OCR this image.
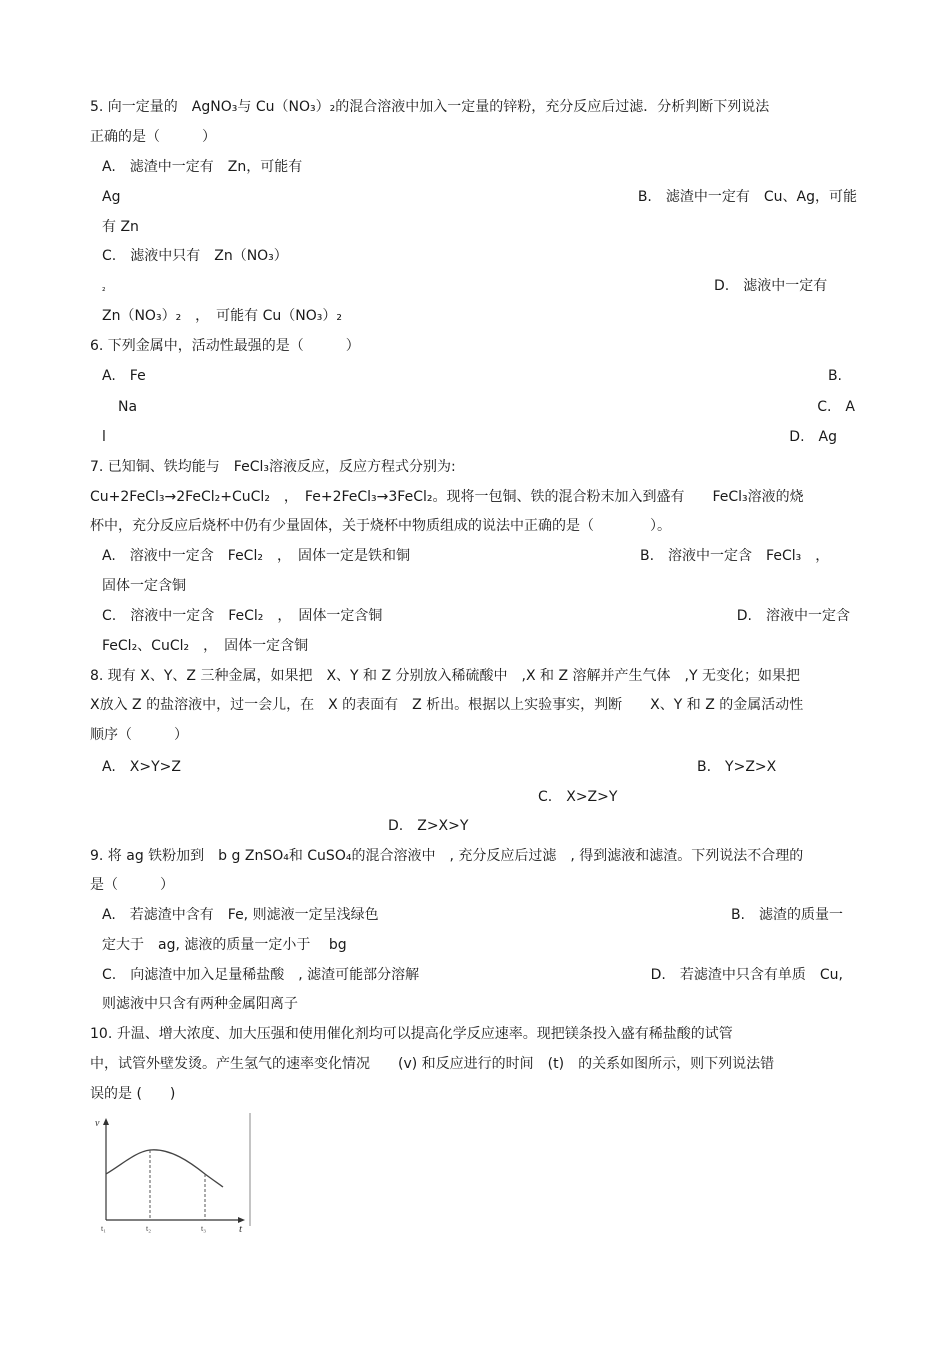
5. 向一定量的　AgNO₃与 Cu（NO₃）₂的混合溶液中加入一定量的锌粉，充分反应后过滤．分析判断下列说法
正确的是（　　　）
A.　滤渣中一定有　Zn，可能有
Ag	B.　滤渣中一定有　Cu、Ag，可能
有 Zn
C.　滤液中只有　Zn（NO₃）
₂	D.　滤液中一定有
Zn（NO₃）₂　，　可能有 Cu（NO₃）₂
6. 下列金属中，活动性最强的是（　　　）
A.　Fe	B.
Na	C.　A
l	D.　Ag
7. 已知铜、铁均能与　FeCl₃溶液反应，反应方程式分别为:
Cu+2FeCl₃→2FeCl₂+CuCl₂　，　Fe+2FeCl₃→3FeCl₂。现将一包铜、铁的混合粉末加入到盛有　　FeCl₃溶液的烧
杯中，充分反应后烧杯中仍有少量固体，关于烧杯中物质组成的说法中正确的是（　　　　）。
A.　溶液中一定含　FeCl₂　，　固体一定是铁和铜	B.　溶液中一定含　FeCl₃　，
固体一定含铜
C.　溶液中一定含　FeCl₂　，　固体一定含铜	D.　溶液中一定含
FeCl₂、CuCl₂　，　固体一定含铜
8. 现有 X、Y、Z 三种金属，如果把　X、Y 和 Z 分别放入稀硫酸中　,X 和 Z 溶解并产生气体　,Y 无变化；如果把
X放入 Z 的盐溶液中，过一会儿，在　X 的表面有　Z 析出。根据以上实验事实，判断　　X、Y 和 Z 的金属活动性
顺序（　　　）
A.　X>Y>Z	B.　Y>Z>X
C.　X>Z>Y
D.　Z>X>Y
9. 将 ag 铁粉加到　b g ZnSO₄和 CuSO₄的混合溶液中　, 充分反应后过滤　, 得到滤液和滤渣。下列说法不合理的
是（　　　）
A.　若滤渣中含有　Fe, 则滤液一定呈浅绿色	B.　滤渣的质量一
定大于　ag, 滤液的质量一定小于　 bg
C.　向滤渣中加入足量稀盐酸　, 滤渣可能部分溶解	D.　若滤渣中只含有单质　Cu,
则滤液中只含有两种金属阳离子
10. 升温、增大浓度、加大压强和使用催化剂均可以提高化学反应速率。现把镁条投入盛有稀盐酸的试管
中，试管外壁发烫。产生氢气的速率变化情况　　(v) 和反应进行的时间　(t)　的关系如图所示，则下列说法错
误的是 (　　)
v
t
t₁	t₂	t₃
